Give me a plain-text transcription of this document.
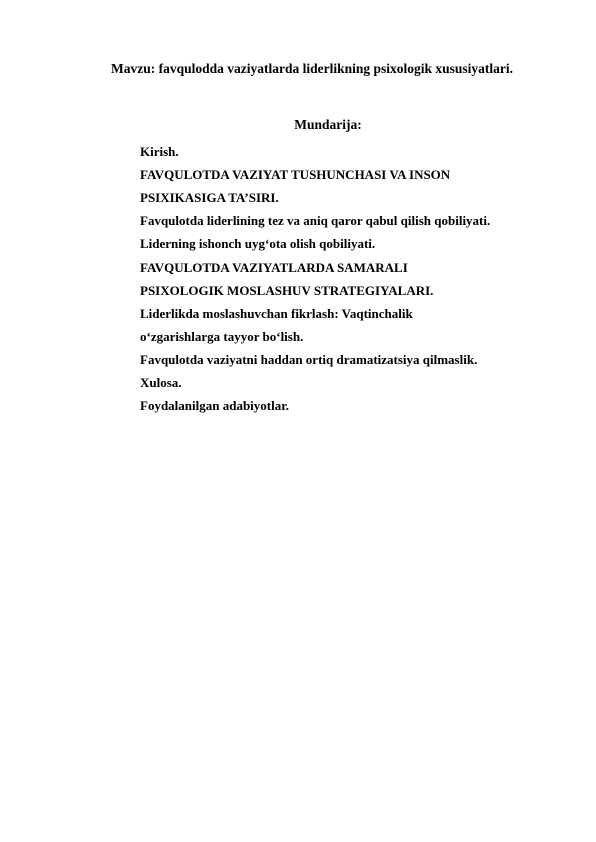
Mavzu: favqulodda vaziyatlarda liderlikning psixologik xususiyatlari.
Mundarija:
Kirish.
FAVQULOTDA VAZIYAT TUSHUNCHASI VA INSON
PSIXIKASIGA TA’SIRI.
Favqulotda liderlining tez va aniq qaror qabul qilish qobiliyati.
Liderning ishonch uyg‘ota olish qobiliyati.
FAVQULOTDA VAZIYATLARDA SAMARALI
PSIXOLOGIK MOSLASHUV STRATEGIYALARI.
Liderlikda moslashuvchan fikrlash: Vaqtinchalik
o‘zgarishlarga tayyor bo‘lish.
Favqulotda vaziyatni haddan ortiq dramatizatsiya qilmaslik.
Xulosa.
Foydalanilgan adabiyotlar.
